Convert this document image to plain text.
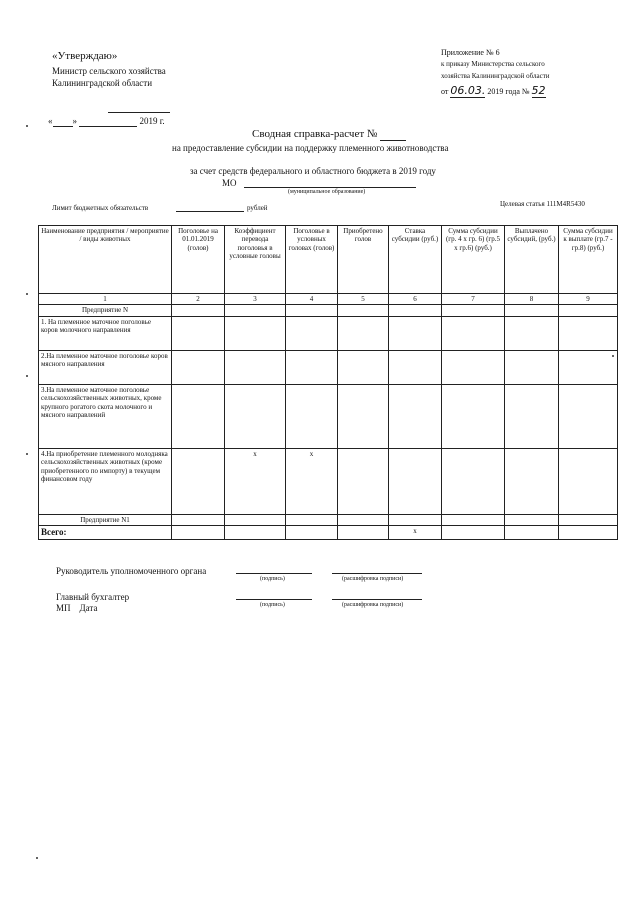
«Утверждаю»
Министр сельского хозяйства
Калининградской области
« »	2019 г.
Приложение № 6
к приказу Министерства сельского
хозяйства Калининградской области
от 06.03. 2019 года № 52
Сводная справка-расчет №
на предоставление субсидии на поддержку племенного животноводства
за счет средств федерального и областного бюджета в 2019 году
МО
(муниципальное образование)
Лимит бюджетных обязательств	рублей	Целевая статья 111М4R5430
Наименование предприятия / мероприятие / виды животных	Поголовье на 01.01.2019 (голов)	Коэффициент перевода поголовья в условные головы	Поголовье в условных головах (голов)	Приобретено голов	Ставка субсидии (руб.)	Сумма субсидии (гр. 4 х гр. 6) (гр.5 х гр.6) (руб.)	Выплачено субсидий, (руб.)	Сумма субсидии к выплате (гр.7 - гр.8) (руб.)
1	2	3	4	5	6	7	8	9
Предприятие N								
1. На племенное маточное поголовье коров молочного направления								
2.На племенное маточное поголовье коров мясного направления								
3.На племенное маточное поголовье сельскохозяйственных животных, кроме крупного рогатого скота молочного и мясного направлений								
4.На приобретение племенного молодняка сельскохозяйственных животных (кроме приобретенного по импорту) в текущем финансовом году		х	х					
Предприятие N1								
Всего:					х			
Руководитель уполномоченного органа
(подпись)	(расшифровка подписи)
Главный бухгалтер
МП Дата	(подпись)	(расшифровка подписи)
